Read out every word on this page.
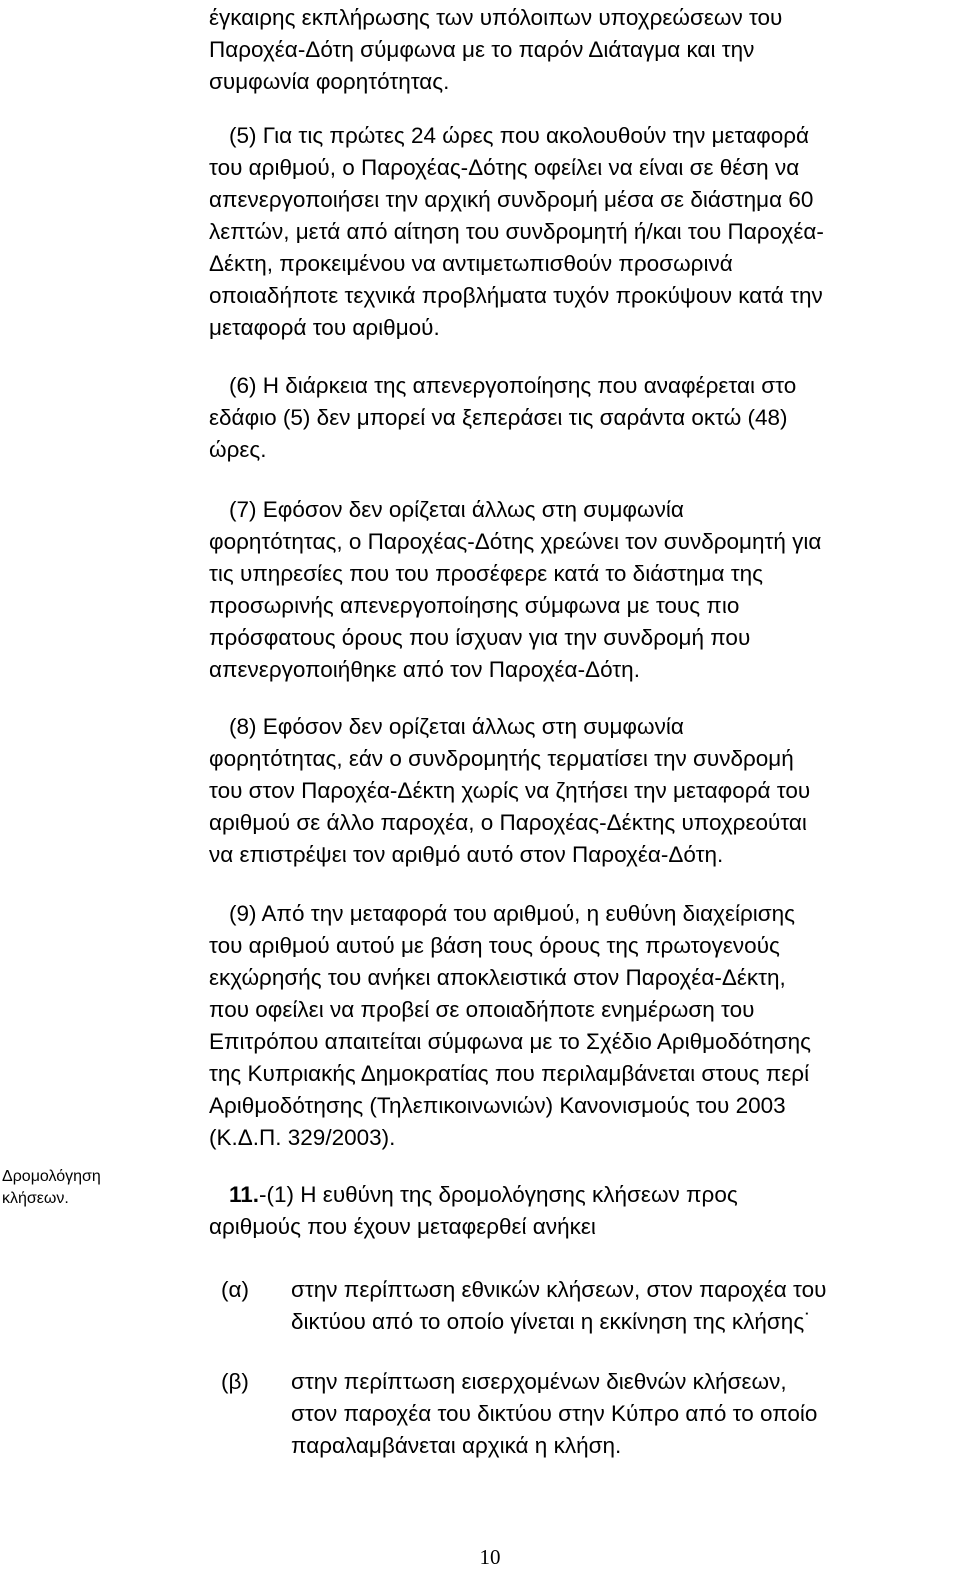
έγκαιρης εκπλήρωσης των υπόλοιπων υποχρεώσεων του
Παροχέα-Δότη σύμφωνα με το παρόν Διάταγμα και την
συμφωνία φορητότητας.
(5) Για τις πρώτες 24 ώρες που ακολουθούν την μεταφορά
του αριθμού, ο Παροχέας-Δότης οφείλει να είναι σε θέση να
απενεργοποιήσει την αρχική συνδρομή μέσα σε διάστημα 60
λεπτών, μετά από αίτηση του συνδρομητή ή/και του Παροχέα-
Δέκτη, προκειμένου να αντιμετωπισθούν προσωρινά
οποιαδήποτε τεχνικά προβλήματα τυχόν προκύψουν κατά την
μεταφορά του αριθμού.
(6) Η διάρκεια της απενεργοποίησης που αναφέρεται στο
εδάφιο (5) δεν μπορεί να ξεπεράσει τις σαράντα οκτώ (48)
ώρες.
(7) Εφόσον δεν ορίζεται άλλως στη συμφωνία
φορητότητας, ο Παροχέας-Δότης χρεώνει τον συνδρομητή για
τις υπηρεσίες που του προσέφερε κατά το διάστημα της
προσωρινής απενεργοποίησης σύμφωνα με τους πιο
πρόσφατους όρους που ίσχυαν για την συνδρομή που
απενεργοποιήθηκε από τον Παροχέα-Δότη.
(8) Εφόσον δεν ορίζεται άλλως στη συμφωνία
φορητότητας, εάν ο συνδρομητής τερματίσει την συνδρομή
του στον Παροχέα-Δέκτη χωρίς να ζητήσει την μεταφορά του
αριθμού σε άλλο παροχέα, ο Παροχέας-Δέκτης υποχρεούται
να επιστρέψει τον αριθμό αυτό στον Παροχέα-Δότη.
(9) Από την μεταφορά του αριθμού, η ευθύνη διαχείρισης
του αριθμού αυτού με βάση τους όρους της πρωτογενούς
εκχώρησής του ανήκει αποκλειστικά στον Παροχέα-Δέκτη,
που οφείλει να προβεί σε οποιαδήποτε ενημέρωση του
Επιτρόπου απαιτείται σύμφωνα με το Σχέδιο Αριθμοδότησης
της Κυπριακής Δημοκρατίας που περιλαμβάνεται στους περί
Αριθμοδότησης (Τηλεπικοινωνιών) Κανονισμούς του 2003
(Κ.Δ.Π. 329/2003).
Δρομολόγηση
κλήσεων.	11.-(1) Η ευθύνη της δρομολόγησης κλήσεων προς
αριθμούς που έχουν μεταφερθεί ανήκει
(α) στην περίπτωση εθνικών κλήσεων, στον παροχέα του
δικτύου από το οποίο γίνεται η εκκίνηση της κλήσης˙
(β) στην περίπτωση εισερχομένων διεθνών κλήσεων,
στον παροχέα του δικτύου στην Κύπρο από το οποίο
παραλαμβάνεται αρχικά η κλήση.
10
